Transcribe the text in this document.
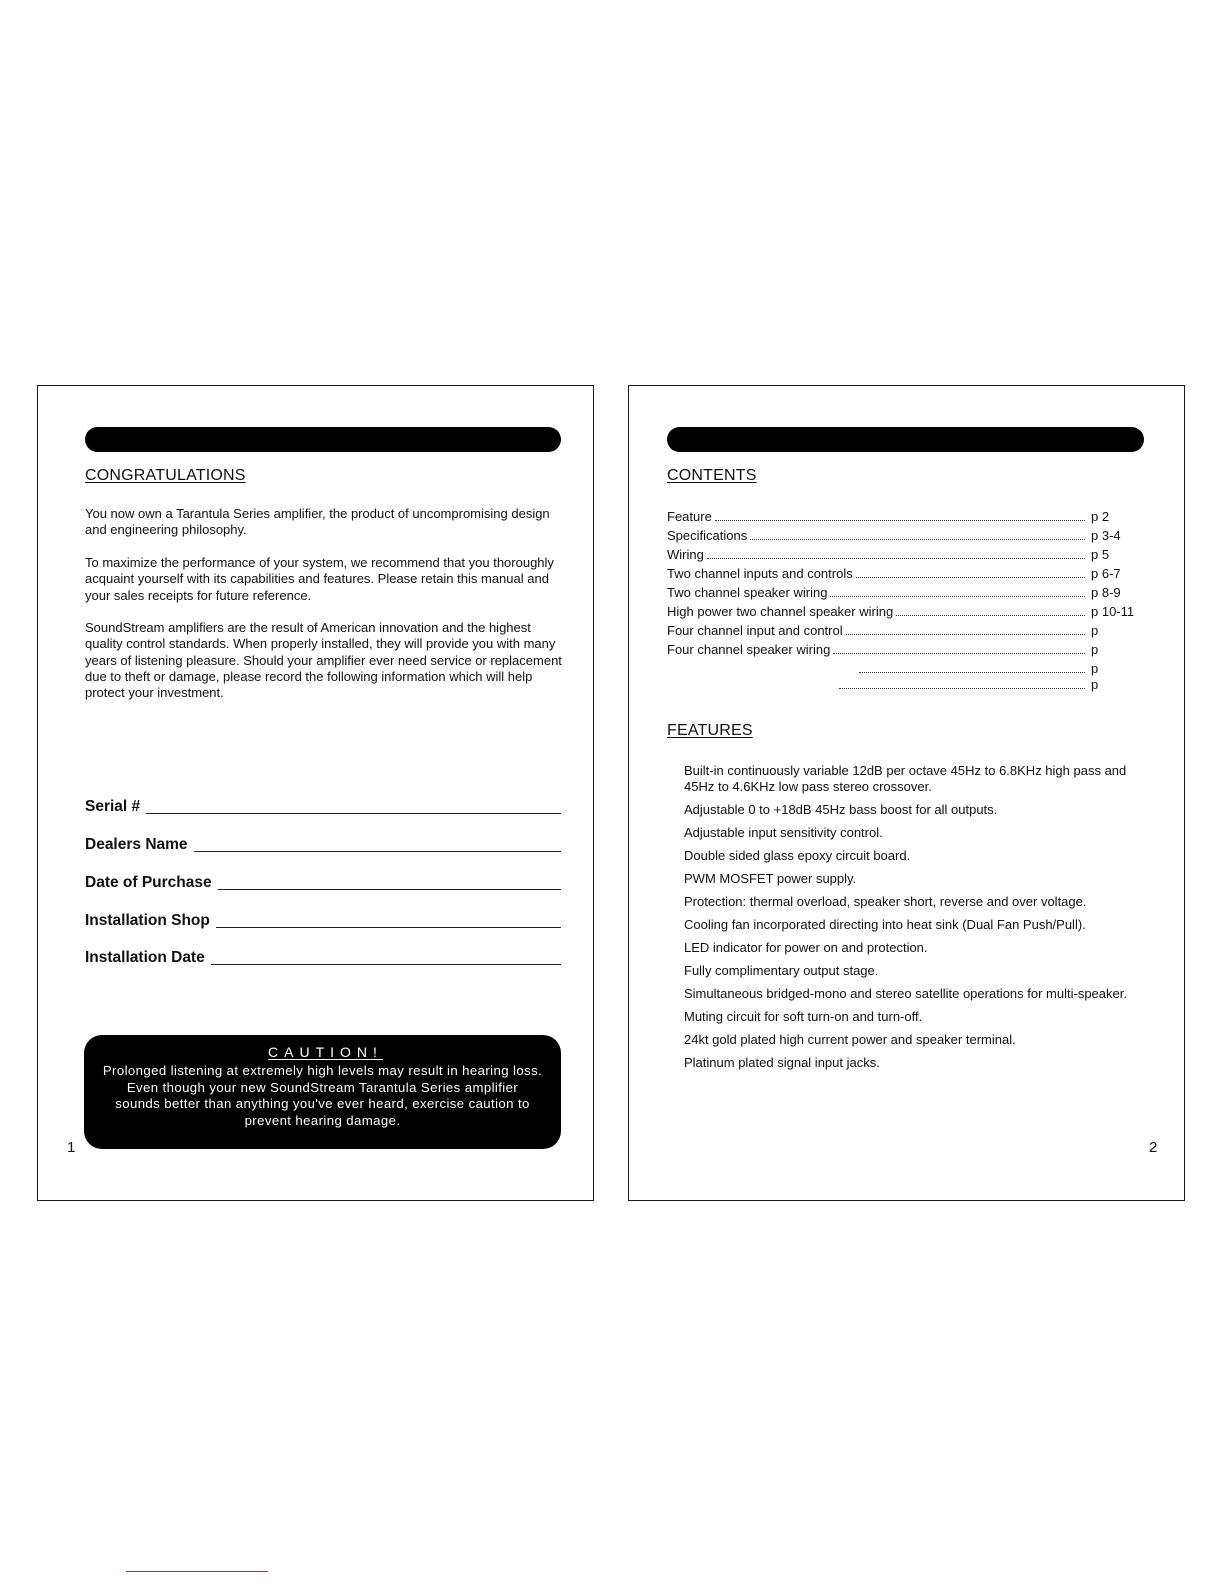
CONGRATULATIONS

You now own a Tarantula Series amplifier, the product of uncompromising design and engineering philosophy.

To maximize the performance of your system, we recommend that you thoroughly acquaint yourself with its capabilities and features. Please retain this manual and your sales receipts for future reference.

SoundStream amplifiers are the result of American innovation and the highest quality control standards. When properly installed, they will provide you with many years of listening pleasure. Should your amplifier ever need service or replacement due to theft or damage, please record the following information which will help protect your investment.

Serial #
Dealers Name
Date of Purchase
Installation Shop
Installation Date
CAUTION!

Prolonged listening at extremely high levels may result in hearing loss. Even though your new SoundStream Tarantula Series amplifier sounds better than anything you've ever heard, exercise caution to prevent hearing damage.

1
CONTENTS
Feature	p 2
Specifications	p 3-4
Wiring	p 5
Two channel inputs and controls	p 6-7
Two channel speaker wiring	p 8-9
High power two channel speaker wiring	p 10-11
Four channel input and control	p
Four channel speaker wiring	p
p
p
FEATURES
Built-in continuously variable 12dB per octave 45Hz to 6.8KHz high pass and 45Hz to 4.6KHz low pass stereo crossover.
Adjustable 0 to +18dB 45Hz bass boost for all outputs.
Adjustable input sensitivity control.
Double sided glass epoxy circuit board.
PWM MOSFET power supply.
Protection: thermal overload, speaker short, reverse and over voltage.
Cooling fan incorporated directing into heat sink (Dual Fan Push/Pull).
LED indicator for power on and protection.
Fully complimentary output stage.
Simultaneous bridged-mono and stereo satellite operations for multi-speaker.
Muting circuit for soft turn-on and turn-off.
24kt gold plated high current power and speaker terminal.
Platinum plated signal input jacks.
2
